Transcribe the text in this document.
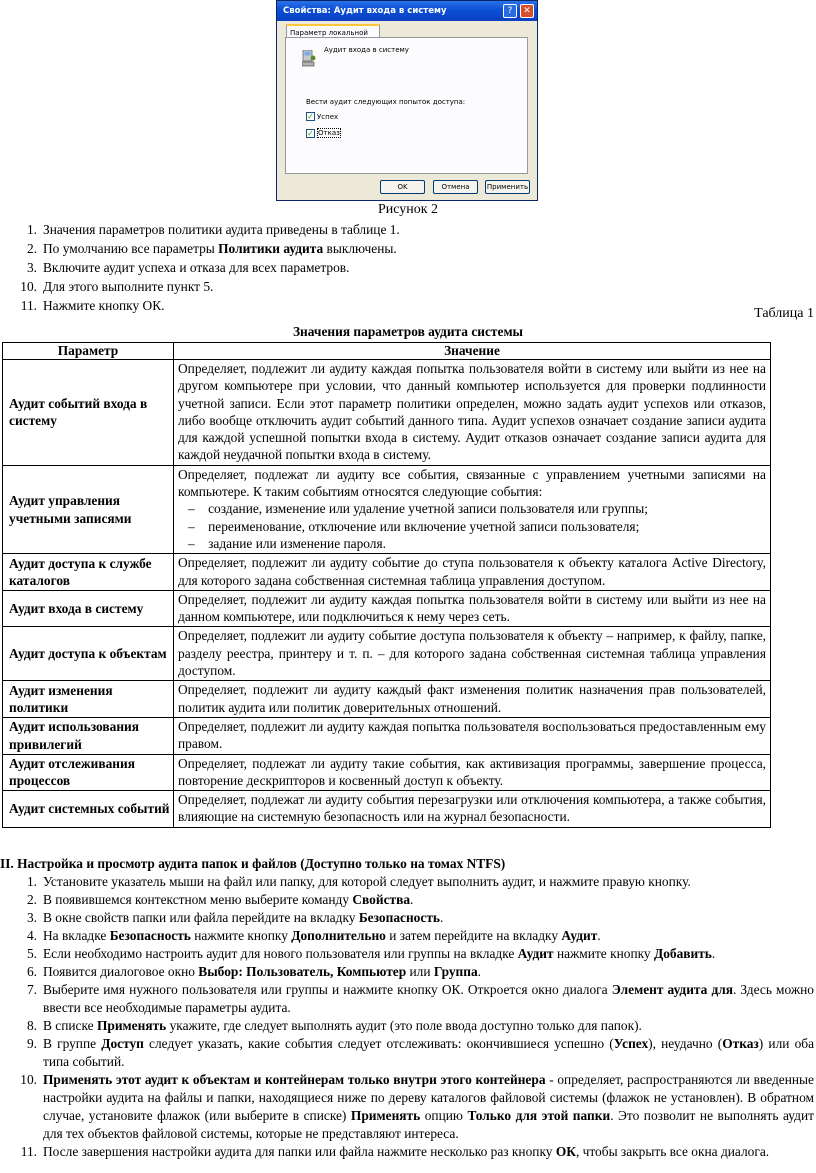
Свойства: Аудит входа в систему	?	✕
Параметр локальной
Аудит входа в систему
Вести аудит следующих попыток доступа:
✓ Успех
✓ Отказ
OK	Отмена	Применить
Рисунок 2
1. Значения параметров политики аудита приведены в таблице 1.
2. По умолчанию все параметры Политики аудита выключены.
3. Включите аудит успеха и отказа для всех параметров.
10. Для этого выполните пункт 5.
11. Нажмите кнопку ОК.
Таблица 1
Значения параметров аудита системы
Параметр	Значение
Аудит событий входа в систему	Определяет, подлежит ли аудиту каждая попытка пользователя войти в систему или выйти из нее на другом компьютере при условии, что данный компьютер используется для проверки подлинности учетной записи. Если этот параметр политики определен, можно задать аудит успехов или отказов, либо вообще отключить аудит событий данного типа. Аудит успехов означает создание записи аудита для каждой успешной попытки входа в систему. Аудит отказов означает создание записи аудита для каждой неудачной попытки входа в систему.
Аудит управления учетными записями	Определяет, подлежат ли аудиту все события, связанные с управлением учетными записями на компьютере. К таким событиям относятся следующие события:
– создание, изменение или удаление учетной записи пользователя или группы;
– переименование, отключение или включение учетной записи пользователя;
– задание или изменение пароля.

Аудит доступа к службе каталогов	Определяет, подлежит ли аудиту событие до ступа пользователя к объекту каталога Active Directory, для которого задана собственная системная таблица управления доступом.
Аудит входа в систему	Определяет, подлежит ли аудиту каждая попытка пользователя войти в систему или выйти из нее на данном компьютере, или подключиться к нему через сеть.
Аудит доступа к объектам	Определяет, подлежит ли аудиту событие доступа пользователя к объекту – например, к файлу, папке, разделу реестра, принтеру и т. п. – для которого задана собственная системная таблица управления доступом.
Аудит изменения политики	Определяет, подлежит ли аудиту каждый факт изменения политик назначения прав пользователей, политик аудита или политик доверительных отношений.
Аудит использования привилегий	Определяет, подлежит ли аудиту каждая попытка пользователя воспользоваться предоставленным ему правом.
Аудит отслеживания процессов	Определяет, подлежат ли аудиту такие события, как активизация программы, завершение процесса, повторение дескрипторов и косвенный доступ к объекту.
Аудит системных событий	Определяет, подлежат ли аудиту события перезагрузки или отключения компьютера, а также события, влияющие на системную безопасность или на журнал безопасности.
II. Настройка и просмотр аудита папок и файлов (Доступно только на томах NTFS)
1. Установите указатель мыши на файл или папку, для которой следует выполнить аудит, и нажмите правую кнопку.
2. В появившемся контекстном меню выберите команду Свойства.
3. В окне свойств папки или файла перейдите на вкладку Безопасность.
4. На вкладке Безопасность нажмите кнопку Дополнительно и затем перейдите на вкладку Аудит.
5. Если необходимо настроить аудит для нового пользователя или группы на вкладке Аудит нажмите кнопку Добавить.
6. Появится диалоговое окно Выбор: Пользователь, Компьютер или Группа.
7. Выберите имя нужного пользователя или группы и нажмите кнопку ОК. Откроется окно диалога Элемент аудита для. Здесь можно ввести все необходимые параметры аудита.
8. В списке Применять укажите, где следует выполнять аудит (это поле ввода доступно только для папок).
9. В группе Доступ следует указать, какие события следует отслеживать: окончившиеся успешно (Успех), неудачно (Отказ) или оба типа событий.
10. Применять этот аудит к объектам и контейнерам только внутри этого контейнера - определяет, распространяются ли введенные настройки аудита на файлы и папки, находящиеся ниже по дереву каталогов файловой системы (флажок не установлен). В обратном случае, установите флажок (или выберите в списке) Применять опцию Только для этой папки. Это позволит не выполнять аудит для тех объектов файловой системы, которые не представляют интереса.
11. После завершения настройки аудита для папки или файла нажмите несколько раз кнопку ОК, чтобы закрыть все окна диалога.
